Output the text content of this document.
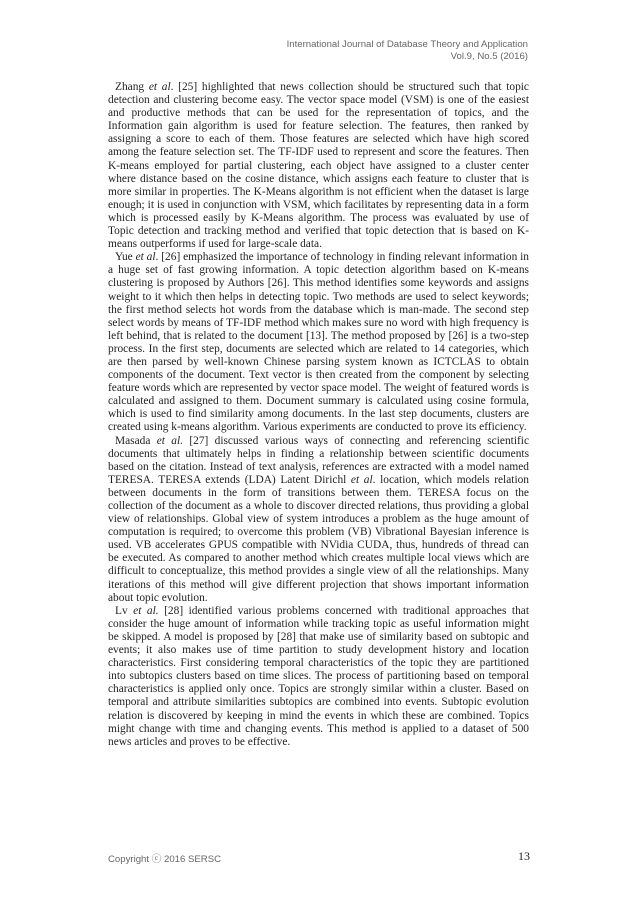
International Journal of Database Theory and Application
Vol.9, No.5 (2016)

Zhang et al. [25] highlighted that news collection should be structured such that topic detection and clustering become easy. The vector space model (VSM) is one of the easiest and productive methods that can be used for the representation of topics, and the Information gain algorithm is used for feature selection. The features, then ranked by assigning a score to each of them. Those features are selected which have high scored among the feature selection set. The TF-IDF used to represent and score the features. Then K-means employed for partial clustering, each object have assigned to a cluster center where distance based on the cosine distance, which assigns each feature to cluster that is more similar in properties. The K-Means algorithm is not efficient when the dataset is large enough; it is used in conjunction with VSM, which facilitates by representing data in a form which is processed easily by K-Means algorithm. The process was evaluated by use of Topic detection and tracking method and verified that topic detection that is based on K-means outperforms if used for large-scale data.

Yue et al. [26] emphasized the importance of technology in finding relevant information in a huge set of fast growing information. A topic detection algorithm based on K-means clustering is proposed by Authors [26]. This method identifies some keywords and assigns weight to it which then helps in detecting topic. Two methods are used to select keywords; the first method selects hot words from the database which is man-made. The second step select words by means of TF-IDF method which makes sure no word with high frequency is left behind, that is related to the document [13]. The method proposed by [26] is a two-step process. In the first step, documents are selected which are related to 14 categories, which are then parsed by well-known Chinese parsing system known as ICTCLAS to obtain components of the document. Text vector is then created from the component by selecting feature words which are represented by vector space model. The weight of featured words is calculated and assigned to them. Document summary is calculated using cosine formula, which is used to find similarity among documents. In the last step documents, clusters are created using k-means algorithm. Various experiments are conducted to prove its efficiency.

Masada et al. [27] discussed various ways of connecting and referencing scientific documents that ultimately helps in finding a relationship between scientific documents based on the citation. Instead of text analysis, references are extracted with a model named TERESA. TERESA extends (LDA) Latent Dirichl et al. location, which models relation between documents in the form of transitions between them. TERESA focus on the collection of the document as a whole to discover directed relations, thus providing a global view of relationships. Global view of system introduces a problem as the huge amount of computation is required; to overcome this problem (VB) Vibrational Bayesian inference is used. VB accelerates GPUS compatible with NVidia CUDA, thus, hundreds of thread can be executed. As compared to another method which creates multiple local views which are difficult to conceptualize, this method provides a single view of all the relationships. Many iterations of this method will give different projection that shows important information about topic evolution.

Lv et al. [28] identified various problems concerned with traditional approaches that consider the huge amount of information while tracking topic as useful information might be skipped. A model is proposed by [28] that make use of similarity based on subtopic and events; it also makes use of time partition to study development history and location characteristics. First considering temporal characteristics of the topic they are partitioned into subtopics clusters based on time slices. The process of partitioning based on temporal characteristics is applied only once. Topics are strongly similar within a cluster. Based on temporal and attribute similarities subtopics are combined into events. Subtopic evolution relation is discovered by keeping in mind the events in which these are combined. Topics might change with time and changing events. This method is applied to a dataset of 500 news articles and proves to be effective.

Copyright ⓒ 2016 SERSC	13
